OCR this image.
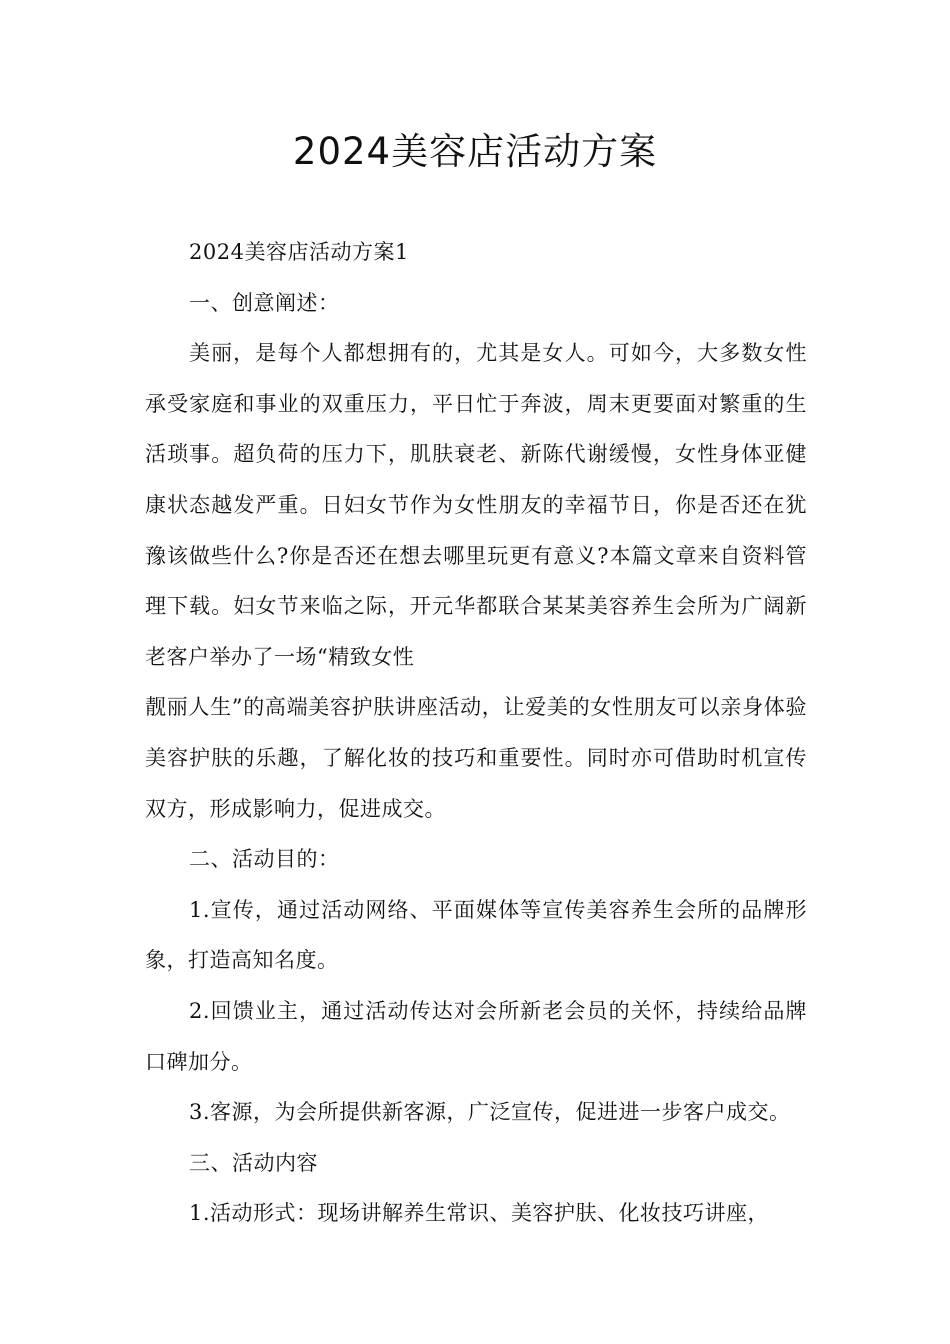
2024美容店活动方案

2024美容店活动方案1

一、创意阐述：

美丽，是每个人都想拥有的，尤其是女人。可如今，大多数女性承受家庭和事业的双重压力，平日忙于奔波，周末更要面对繁重的生活琐事。超负荷的压力下，肌肤衰老、新陈代谢缓慢，女性身体亚健康状态越发严重。日妇女节作为女性朋友的幸福节日，你是否还在犹豫该做些什么?你是否还在想去哪里玩更有意义?本篇文章来自资料管理下载。妇女节来临之际，开元华都联合某某美容养生会所为广阔新老客户举办了一场“精致女性

靓丽人生”的高端美容护肤讲座活动，让爱美的女性朋友可以亲身体验美容护肤的乐趣，了解化妆的技巧和重要性。同时亦可借助时机宣传双方，形成影响力，促进成交。

二、活动目的：

1.宣传，通过活动网络、平面媒体等宣传美容养生会所的品牌形象，打造高知名度。

2.回馈业主，通过活动传达对会所新老会员的关怀，持续给品牌口碑加分。

3.客源，为会所提供新客源，广泛宣传，促进进一步客户成交。

三、活动内容

1.活动形式：现场讲解养生常识、美容护肤、化妆技巧讲座，
